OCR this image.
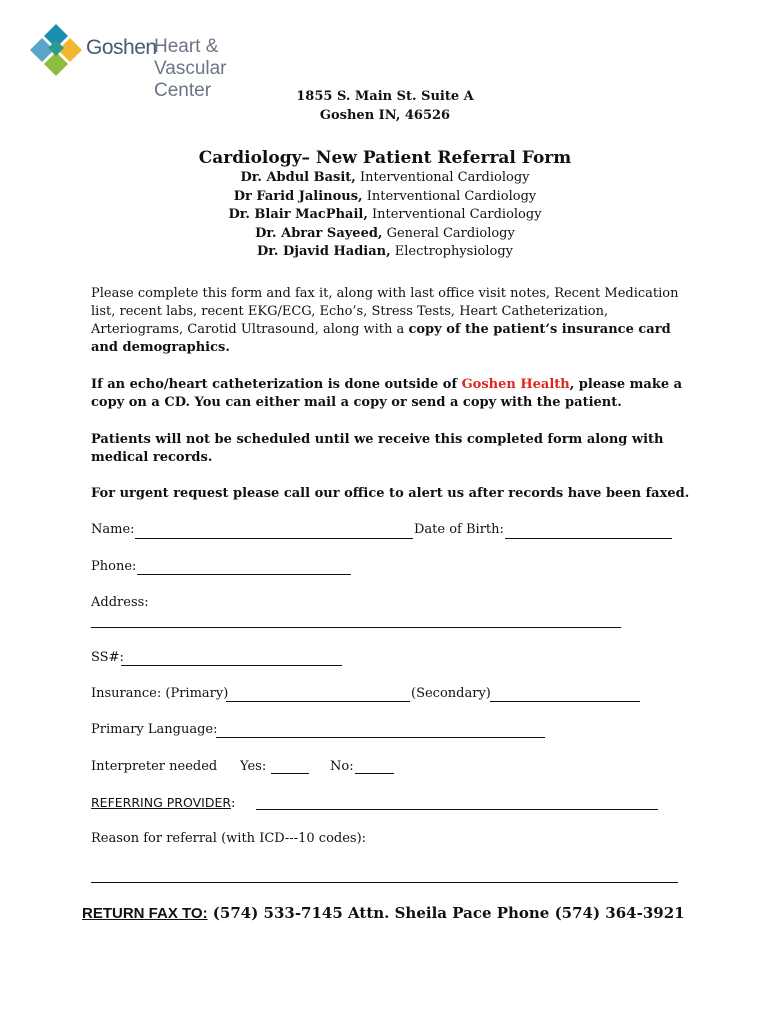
Goshen
Heart &
Vascular Center	1855 S. Main St. Suite A
Goshen IN, 46526
Cardiology– New Patient Referral Form
Dr. Abdul Basit, Interventional Cardiology
Dr Farid Jalinous, Interventional Cardiology
Dr. Blair MacPhail, Interventional Cardiology
Dr. Abrar Sayeed, General Cardiology
Dr. Djavid Hadian, Electrophysiology
Please complete this form and fax it, along with last office visit notes, Recent Medication list, recent labs, recent EKG/ECG, Echo’s, Stress Tests, Heart Catheterization, Arteriograms, Carotid Ultrasound, along with a copy of the patient’s insurance card and demographics.
If an echo/heart catheterization is done outside of Goshen Health, please make a copy on a CD. You can either mail a copy or send a copy with the patient.
Patients will not be scheduled until we receive this completed form along with medical records.
For urgent request please call our office to alert us after records have been faxed.
Name:	Date of Birth:
Phone:
Address:
SS#:
Insurance: (Primary)	(Secondary)
Primary Language:
Interpreter needed Yes:	No:
REFERRING PROVIDER:
Reason for referral (with ICD---10 codes):
RETURN FAX TO: (574) 533-7145 Attn. Sheila Pace Phone (574) 364-3921
